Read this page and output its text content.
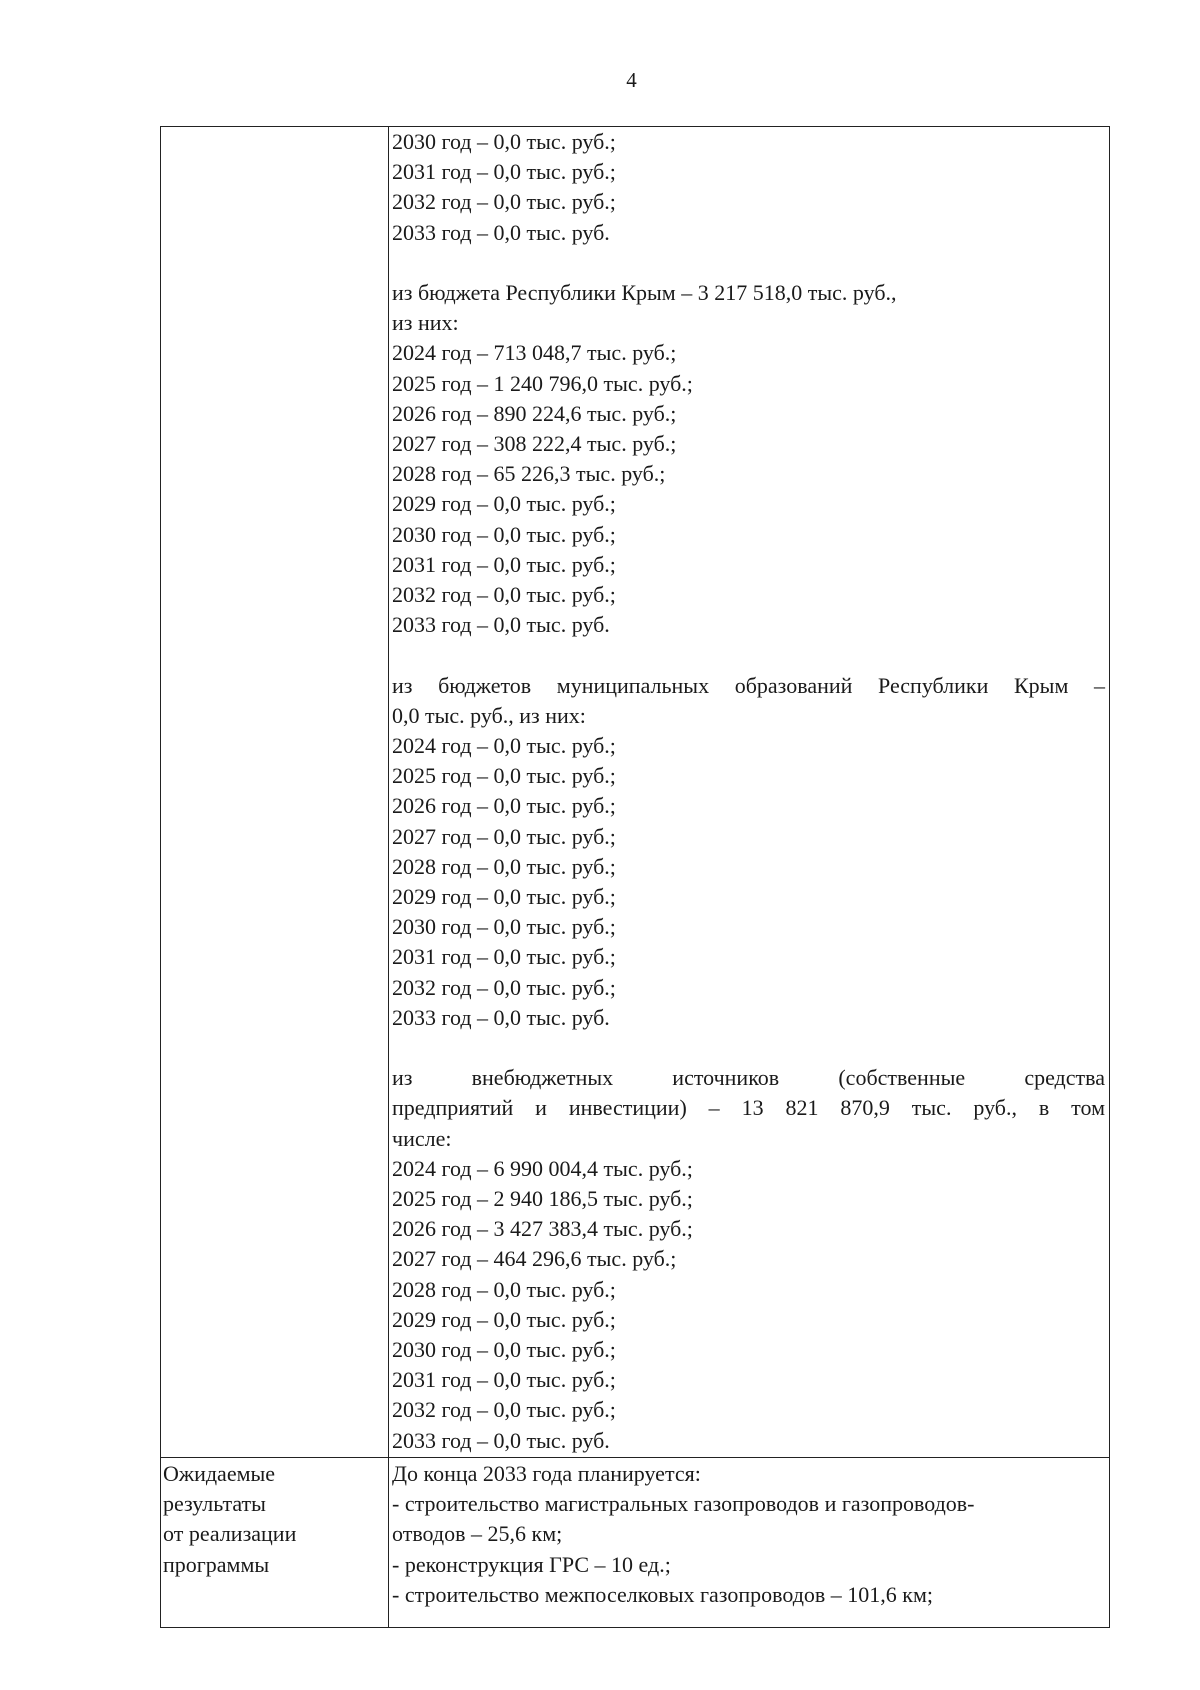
4
2030 год – 0,0 тыс. руб.;
2031 год – 0,0 тыс. руб.;
2032 год – 0,0 тыс. руб.;
2033 год – 0,0 тыс. руб.
из бюджета Республики Крым – 3 217 518,0 тыс. руб.,
из них:
2024 год – 713 048,7 тыс. руб.;
2025 год – 1 240 796,0 тыс. руб.;
2026 год – 890 224,6 тыс. руб.;
2027 год – 308 222,4 тыс. руб.;
2028 год – 65 226,3 тыс. руб.;
2029 год – 0,0 тыс. руб.;
2030 год – 0,0 тыс. руб.;
2031 год – 0,0 тыс. руб.;
2032 год – 0,0 тыс. руб.;
2033 год – 0,0 тыс. руб.
из бюджетов муниципальных образований Республики Крым –
0,0 тыс. руб., из них:
2024 год – 0,0 тыс. руб.;
2025 год – 0,0 тыс. руб.;
2026 год – 0,0 тыс. руб.;
2027 год – 0,0 тыс. руб.;
2028 год – 0,0 тыс. руб.;
2029 год – 0,0 тыс. руб.;
2030 год – 0,0 тыс. руб.;
2031 год – 0,0 тыс. руб.;
2032 год – 0,0 тыс. руб.;
2033 год – 0,0 тыс. руб.
из внебюджетных источников (собственные средства
предприятий и инвестиции) – 13 821 870,9 тыс. руб., в том
числе:
2024 год – 6 990 004,4 тыс. руб.;
2025 год – 2 940 186,5 тыс. руб.;
2026 год – 3 427 383,4 тыс. руб.;
2027 год – 464 296,6 тыс. руб.;
2028 год – 0,0 тыс. руб.;
2029 год – 0,0 тыс. руб.;
2030 год – 0,0 тыс. руб.;
2031 год – 0,0 тыс. руб.;
2032 год – 0,0 тыс. руб.;
2033 год – 0,0 тыс. руб.
Ожидаемые
результаты
от реализации
программы
До конца 2033 года планируется:
- строительство магистральных газопроводов и газопроводов-
отводов – 25,6 км;
- реконструкция ГРС – 10 ед.;
- строительство межпоселковых газопроводов – 101,6 км;
